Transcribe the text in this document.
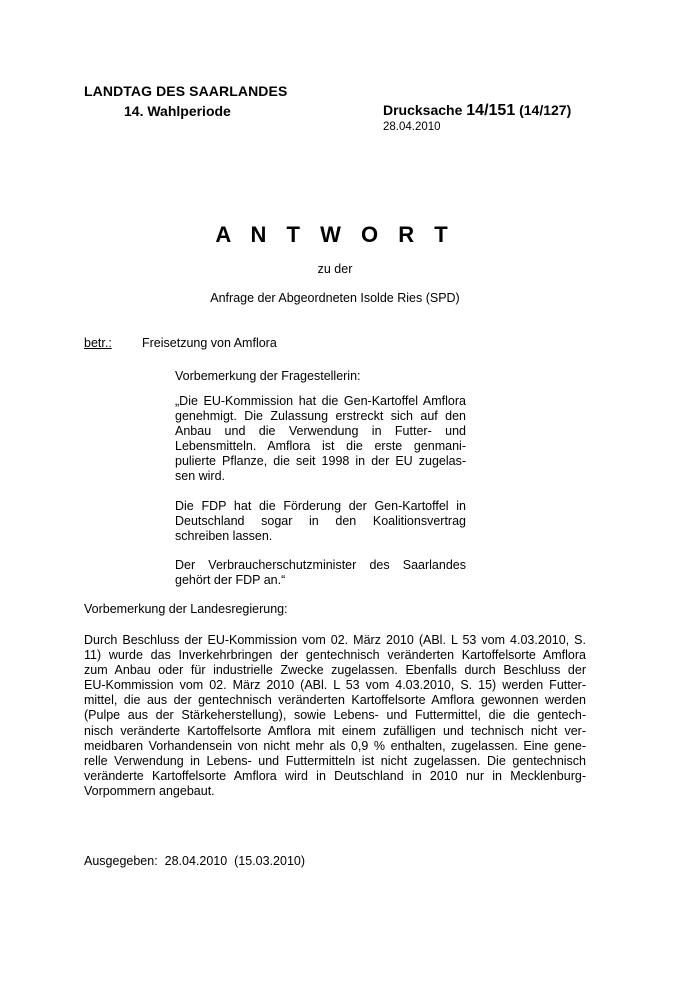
LANDTAG DES SAARLANDES
14. Wahlperiode	Drucksache 14/151 (14/127)
28.04.2010
A N T W O R T
zu der
Anfrage der Abgeordneten Isolde Ries (SPD)
betr.: Freisetzung von Amflora
Vorbemerkung der Fragestellerin:
„Die EU-Kommission hat die Gen-Kartoffel Amflora
genehmigt. Die Zulassung erstreckt sich auf den
Anbau und die Verwendung in Futter- und
Lebensmitteln. Amflora ist die erste genmani-
pulierte Pflanze, die seit 1998 in der EU zugelas-
sen wird.
Die FDP hat die Förderung der Gen-Kartoffel in
Deutschland sogar in den Koalitionsvertrag
schreiben lassen.
Der Verbraucherschutzminister des Saarlandes
gehört der FDP an.“
Vorbemerkung der Landesregierung:
Durch Beschluss der EU-Kommission vom 02. März 2010 (ABl. L 53 vom 4.03.2010, S.
11) wurde das Inverkehrbringen der gentechnisch veränderten Kartoffelsorte Amflora
zum Anbau oder für industrielle Zwecke zugelassen. Ebenfalls durch Beschluss der
EU-Kommission vom 02. März 2010 (ABl. L 53 vom 4.03.2010, S. 15) werden Futter-
mittel, die aus der gentechnisch veränderten Kartoffelsorte Amflora gewonnen werden
(Pulpe aus der Stärkeherstellung), sowie Lebens- und Futtermittel, die die gentech-
nisch veränderte Kartoffelsorte Amflora mit einem zufälligen und technisch nicht ver-
meidbaren Vorhandensein von nicht mehr als 0,9 % enthalten, zugelassen. Eine gene-
relle Verwendung in Lebens- und Futtermitteln ist nicht zugelassen. Die gentechnisch
veränderte Kartoffelsorte Amflora wird in Deutschland in 2010 nur in Mecklenburg-
Vorpommern angebaut.
Ausgegeben:  28.04.2010  (15.03.2010)
